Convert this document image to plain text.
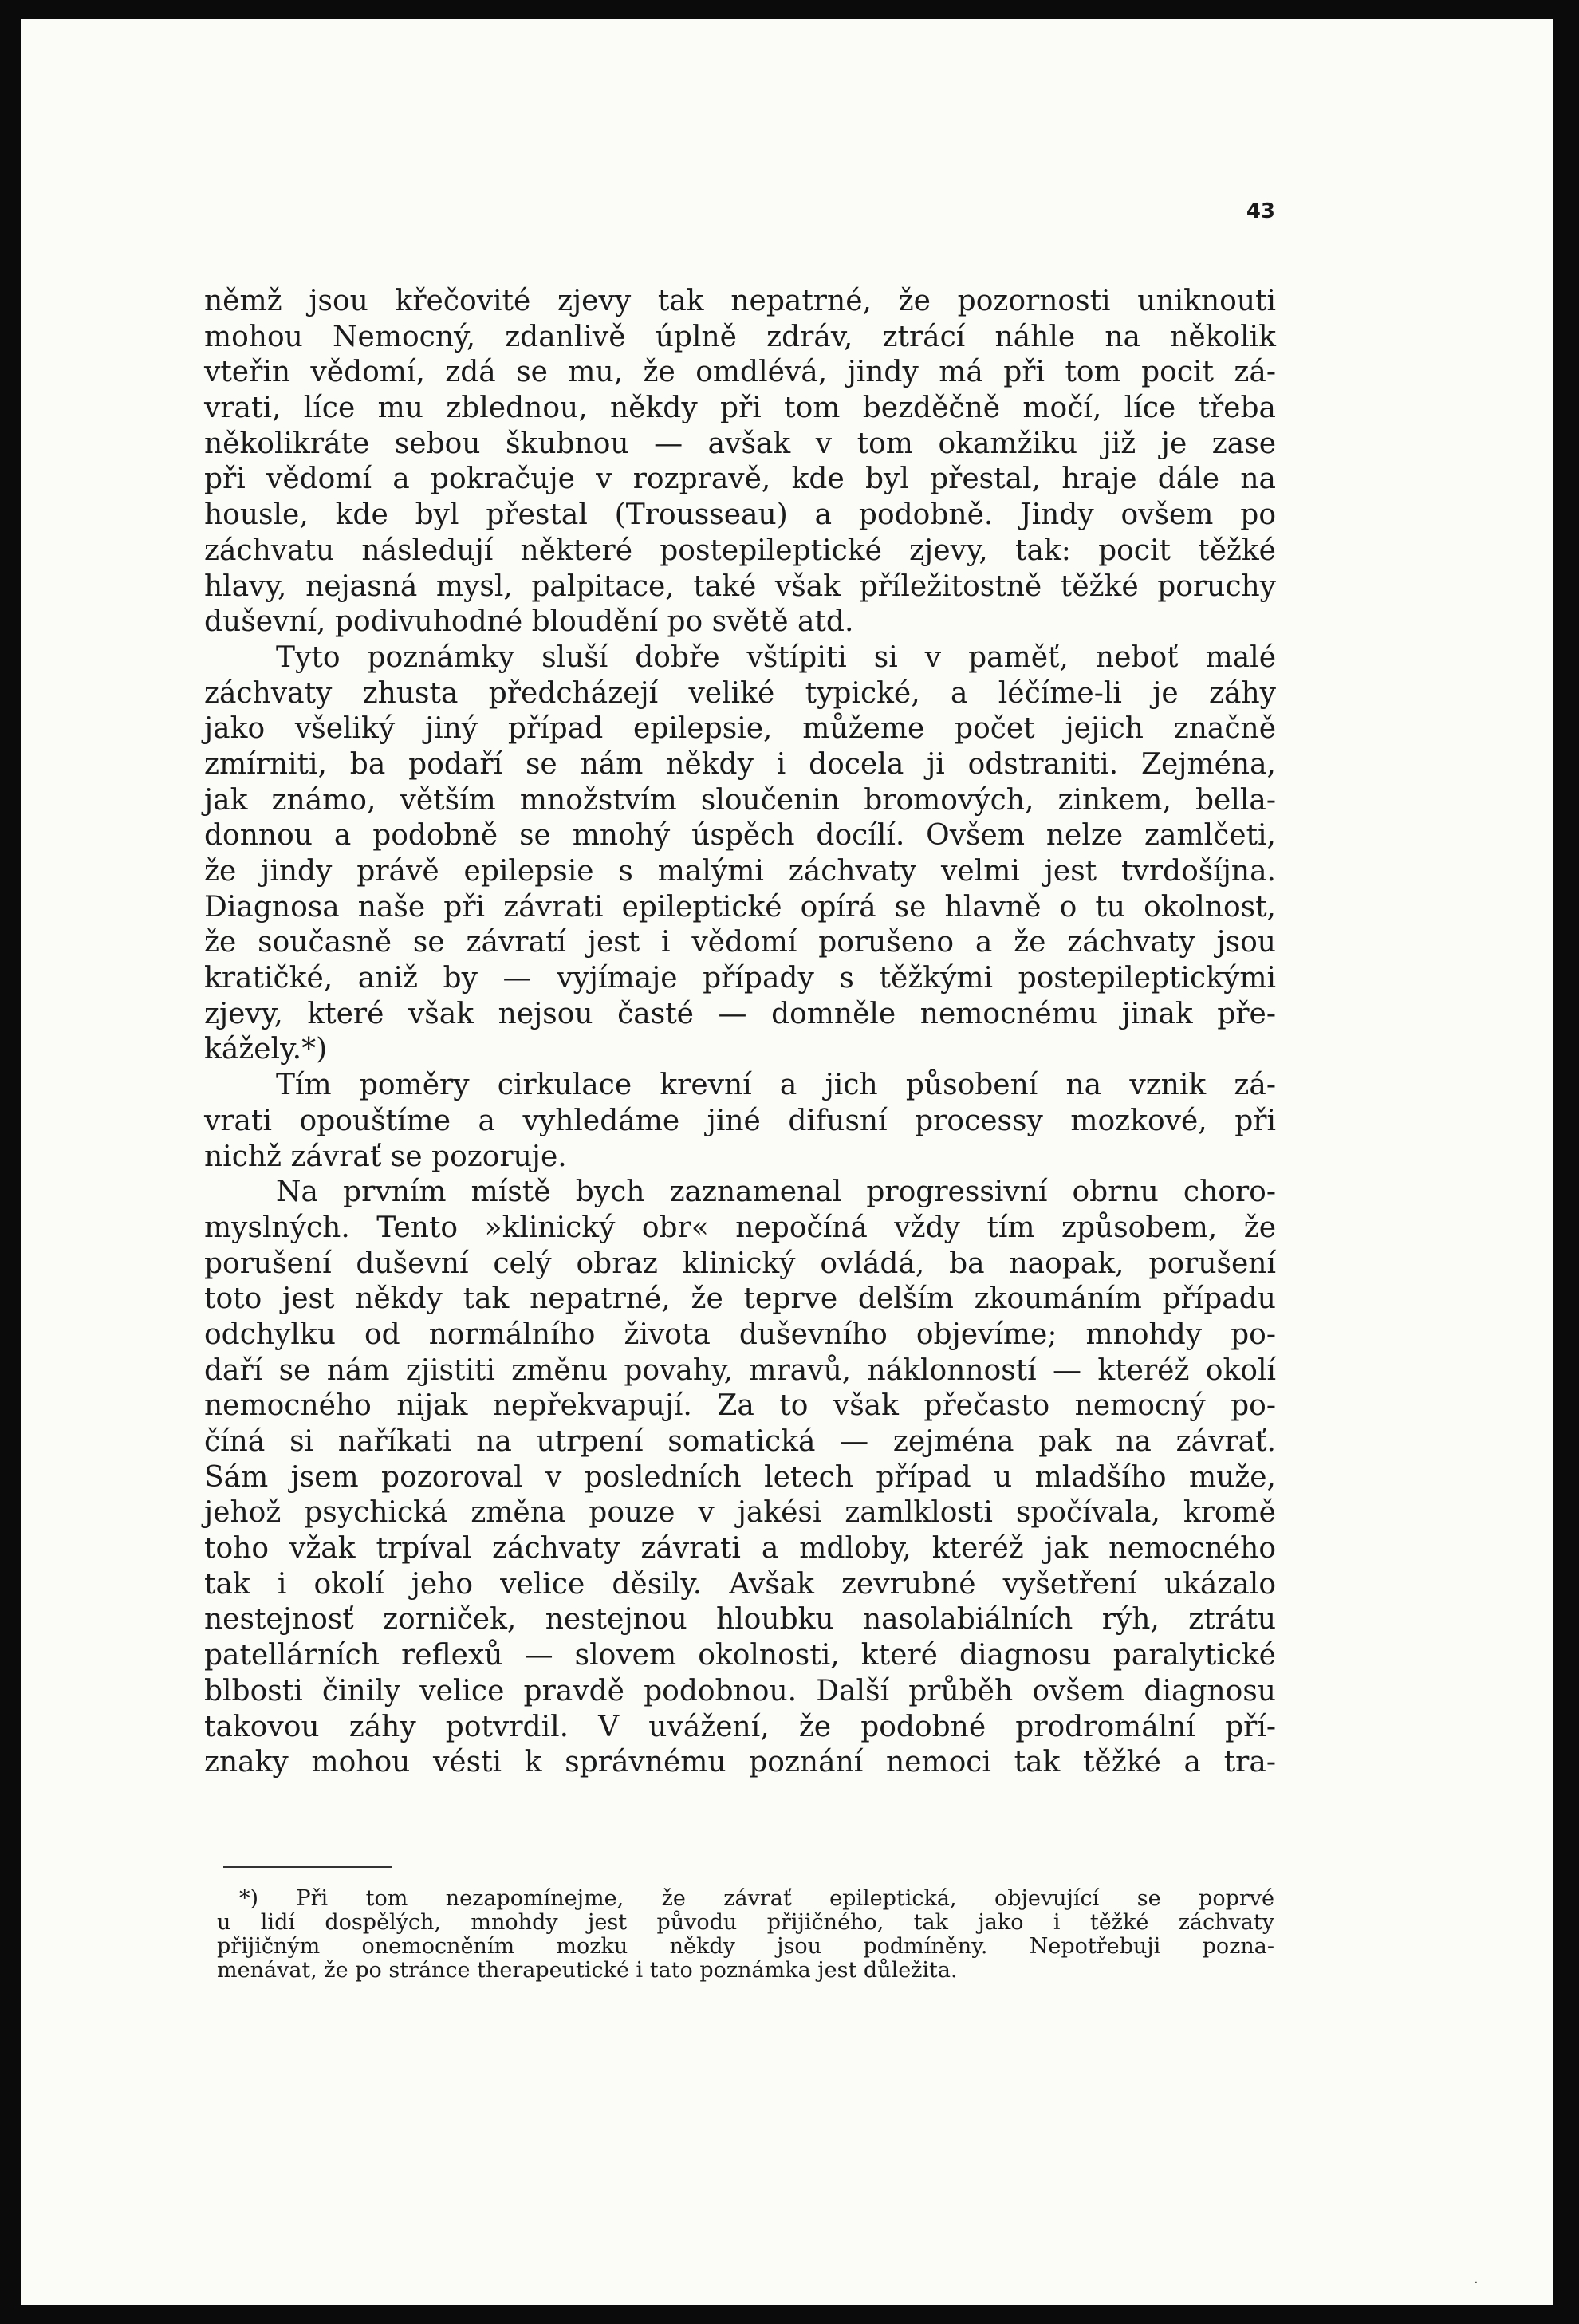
43
němž jsou křečovité zjevy tak nepatrné, že pozornosti uniknouti
mohou Nemocný, zdanlivě úplně zdráv, ztrácí náhle na několik
vteřin vědomí, zdá se mu, že omdlévá, jindy má při tom pocit zá-
vrati, líce mu zblednou, někdy při tom bezděčně močí, líce třeba
několikráte sebou škubnou — avšak v tom okamžiku již je zase
při vědomí a pokračuje v rozpravě, kde byl přestal, hraje dále na
housle, kde byl přestal (Trousseau) a podobně. Jindy ovšem po
záchvatu následují některé postepileptické zjevy, tak: pocit těžké
hlavy, nejasná mysl, palpitace, také však příležitostně těžké poruchy
duševní, podivuhodné bloudění po světě atd.
Tyto poznámky sluší dobře vštípiti si v paměť, neboť malé
záchvaty zhusta předcházejí veliké typické, a léčíme-li je záhy
jako všeliký jiný případ epilepsie, můžeme počet jejich značně
zmírniti, ba podaří se nám někdy i docela ji odstraniti. Zejména,
jak známo, větším množstvím sloučenin bromových, zinkem, bella-
donnou a podobně se mnohý úspěch docílí. Ovšem nelze zamlčeti,
že jindy právě epilepsie s malými záchvaty velmi jest tvrdošíjna.
Diagnosa naše při závrati epileptické opírá se hlavně o tu okolnost,
že současně se závratí jest i vědomí porušeno a že záchvaty jsou
kratičké, aniž by — vyjímaje případy s těžkými postepileptickými
zjevy, které však nejsou časté — domněle nemocnému jinak pře-
kážely.*)
Tím poměry cirkulace krevní a jich působení na vznik zá-
vrati opouštíme a vyhledáme jiné difusní processy mozkové, při
nichž závrať se pozoruje.
Na prvním místě bych zaznamenal progressivní obrnu choro-
myslných. Tento »klinický obr« nepočíná vždy tím způsobem, že
porušení duševní celý obraz klinický ovládá, ba naopak, porušení
toto jest někdy tak nepatrné, že teprve delším zkoumáním případu
odchylku od normálního života duševního objevíme; mnohdy po-
daří se nám zjistiti změnu povahy, mravů, náklonností — kteréž okolí
nemocného nijak nepřekvapují. Za to však přečasto nemocný po-
číná si naříkati na utrpení somatická — zejména pak na závrať.
Sám jsem pozoroval v posledních letech případ u mladšího muže,
jehož psychická změna pouze v jakési zamlklosti spočívala, kromě
toho vžak trpíval záchvaty závrati a mdloby, kteréž jak nemocného
tak i okolí jeho velice děsily. Avšak zevrubné vyšetření ukázalo
nestejnosť zorniček, nestejnou hloubku nasolabiálních rýh, ztrátu
patellárních reflexů — slovem okolnosti, které diagnosu paralytické
blbosti činily velice pravdě podobnou. Další průběh ovšem diagnosu
takovou záhy potvrdil. V uvážení, že podobné prodromální pří-
znaky mohou vésti k správnému poznání nemoci tak těžké a tra-
*) Při tom nezapomínejme, že závrať epileptická, objevující se poprvé
u lidí dospělých, mnohdy jest původu přijičného, tak jako i těžké záchvaty
přijičným onemocněním mozku někdy jsou podmíněny. Nepotřebuji pozna-
menávat, že po stránce therapeutické i tato poznámka jest důležita.
·
